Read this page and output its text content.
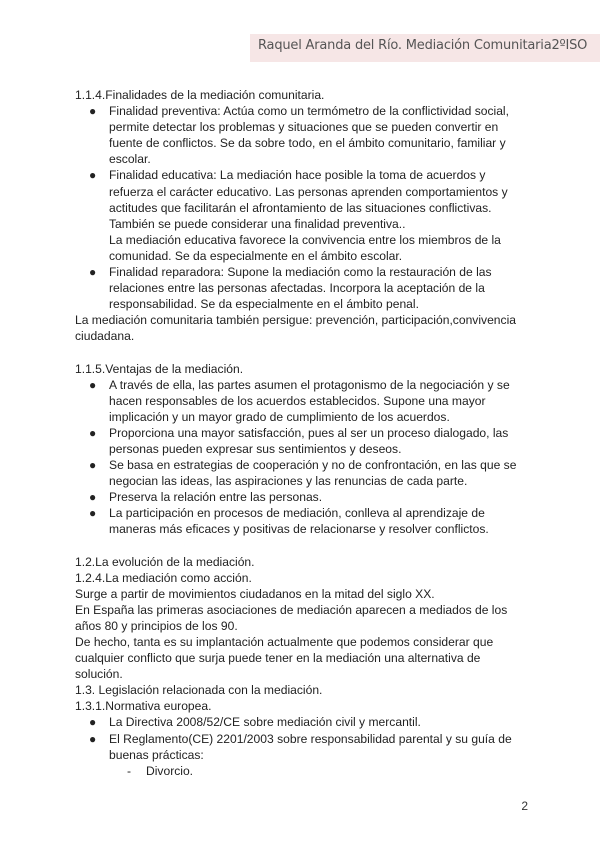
Raquel Aranda del Río. Mediación Comunitaria2ºISO

1.1.4.Finalidades de la mediación comunitaria.

● Finalidad preventiva: Actúa como un termómetro de la conflictividad social, permite detectar los problemas y situaciones que se pueden convertir en fuente de conflictos. Se da sobre todo, en el ámbito comunitario, familiar y escolar.
● Finalidad educativa: La mediación hace posible la toma de acuerdos y refuerza el carácter educativo. Las personas aprenden comportamientos y actitudes que facilitarán el afrontamiento de las situaciones conflictivas. También se puede considerar una finalidad preventiva..
La mediación educativa favorece la convivencia entre los miembros de la comunidad. Se da especialmente en el ámbito escolar.
● Finalidad reparadora: Supone la mediación como la restauración de las relaciones entre las personas afectadas. Incorpora la aceptación de la responsabilidad. Se da especialmente en el ámbito penal.

La mediación comunitaria también persigue: prevención, participación,convivencia ciudadana.

1.1.5.Ventajas de la mediación.

● A través de ella, las partes asumen el protagonismo de la negociación y se hacen responsables de los acuerdos establecidos. Supone una mayor implicación y un mayor grado de cumplimiento de los acuerdos.
● Proporciona una mayor satisfacción, pues al ser un proceso dialogado, las personas pueden expresar sus sentimientos y deseos.
● Se basa en estrategias de cooperación y no de confrontación, en las que se negocian las ideas, las aspiraciones y las renuncias de cada parte.
● Preserva la relación entre las personas.
● La participación en procesos de mediación, conlleva al aprendizaje de maneras más eficaces y positivas de relacionarse y resolver conflictos.

1.2.La evolución de la mediación.

1.2.4.La mediación como acción.

Surge a partir de movimientos ciudadanos en la mitad del siglo XX.

En España las primeras asociaciones de mediación aparecen a mediados de los años 80 y principios de los 90.

De hecho, tanta es su implantación actualmente que podemos considerar que cualquier conflicto que surja puede tener en la mediación una alternativa de solución.

1.3. Legislación relacionada con la mediación.

1.3.1.Normativa europea.

● La Directiva 2008/52/CE sobre mediación civil y mercantil.
● El Reglamento(CE) 2201/2003 sobre responsabilidad parental y su guía de buenas prácticas:
- Divorcio.
2
